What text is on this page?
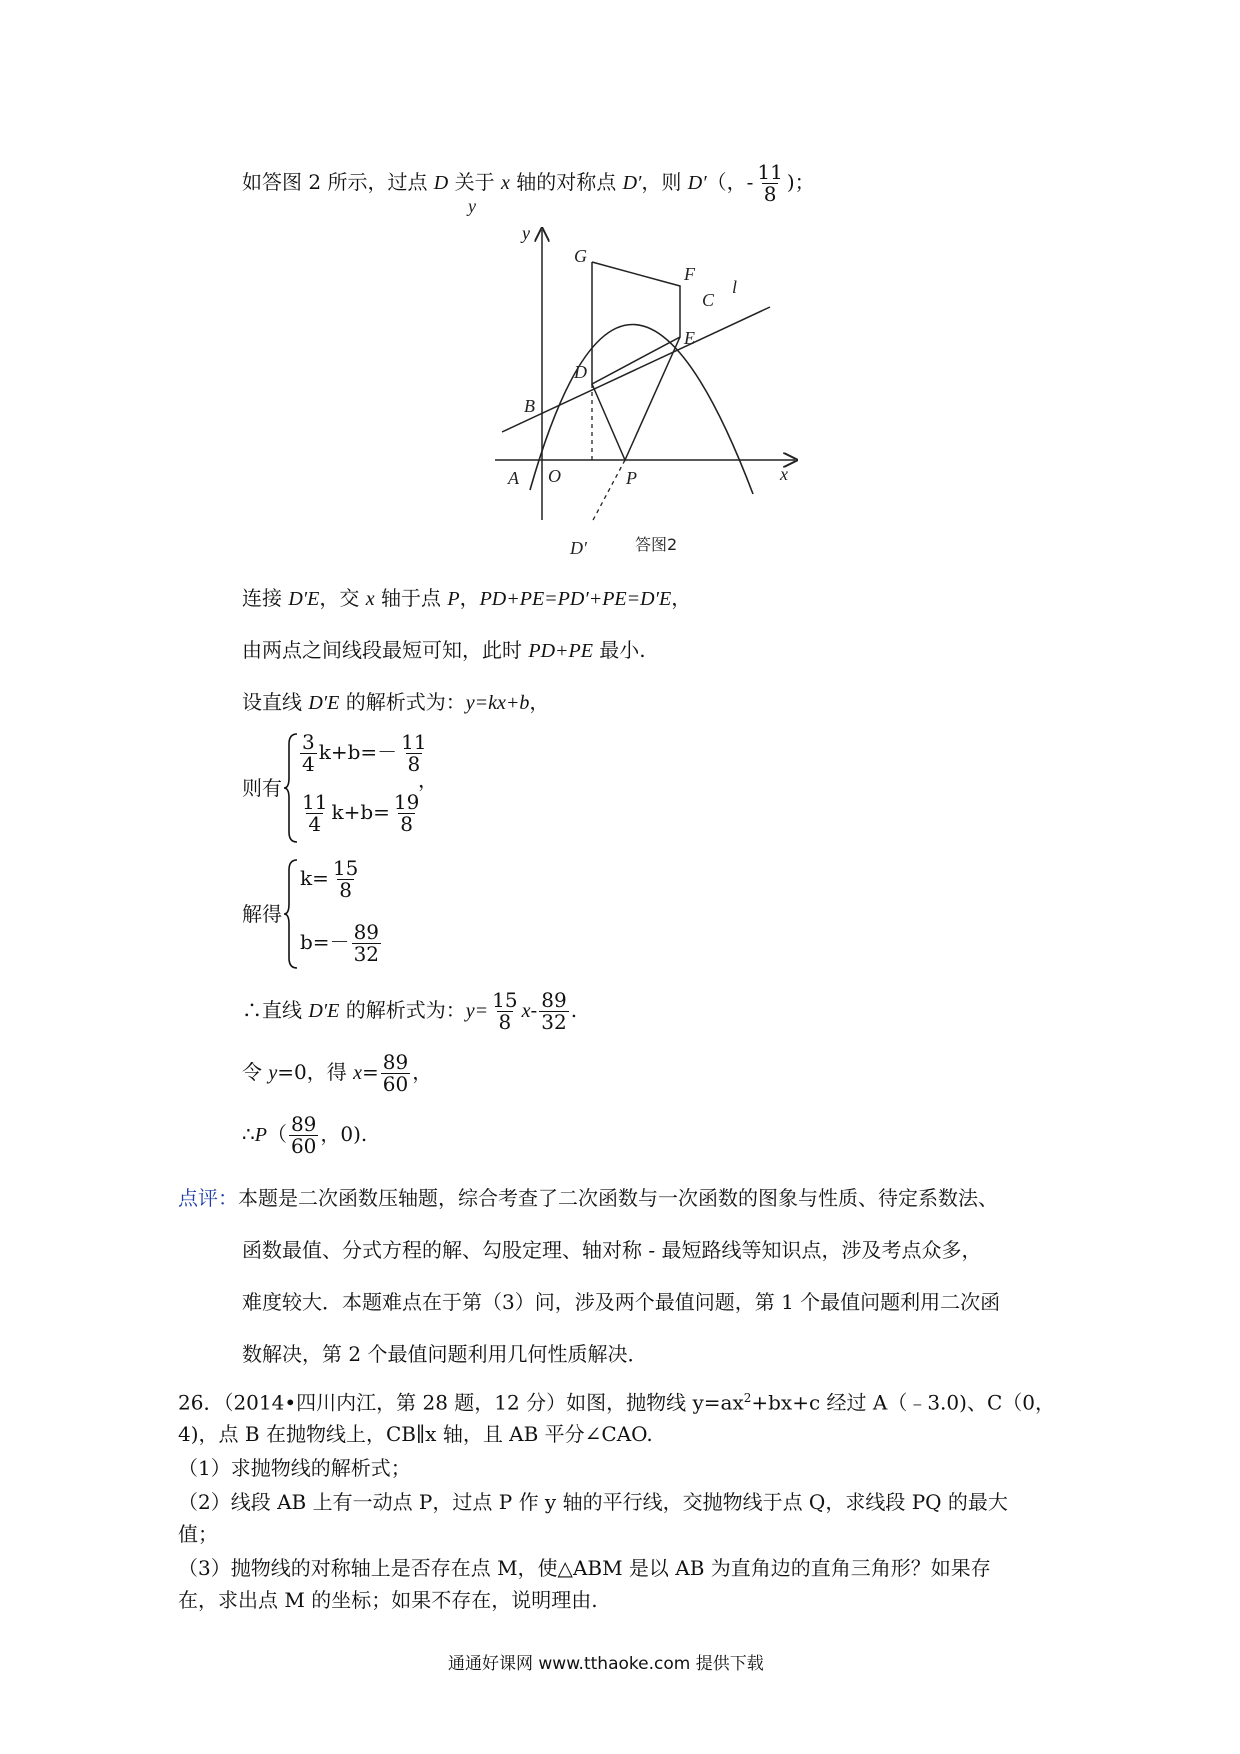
如答图 2 所示，过点 D 关于 x 轴的对称点 D′，则 D′（，- $\frac{11}{8}$ )；
y
x
G
F
C
l
E
D
B
A O	P
D′	答图2
y
连接 D′E，交 x 轴于点 P，PD+PE=PD′+PE=D′E，
由两点之间线段最短可知，此时 PD+PE 最小.
设直线 D′E 的解析式为：y=kx+b，
则有
$\frac{3}{4} k+b=- \frac{11}{8}$
，
$\frac{11}{4} k+b= \frac{19}{8}$
解得
$k= \frac{15}{8}$
$b=- \frac{89}{32}$
∴直线 D′E 的解析式为：$y= \frac{15}{8} x- \frac{89}{32}$ .
令 y=0，得 $x= \frac{89}{60}$ ，
∴P（ $\frac{89}{60}$ ，0).
点评：本题是二次函数压轴题，综合考查了二次函数与一次函数的图象与性质、待定系数法、
函数最值、分式方程的解、勾股定理、轴对称 - 最短路线等知识点，涉及考点众多，
难度较大．本题难点在于第（3）问，涉及两个最值问题，第 1 个最值问题利用二次函
数解决，第 2 个最值问题利用几何性质解决．
26．（2014•四川内江，第 28 题，12 分）如图，抛物线 $y=ax^2+bx+c$ 经过 A（﹣3.0)、C（0，
4)，点 B 在抛物线上，CB∥x 轴，且 AB 平分∠CAO.
（1）求抛物线的解析式；
（2）线段 AB 上有一动点 P，过点 P 作 y 轴的平行线，交抛物线于点 Q，求线段 PQ 的最大
值；
（3）抛物线的对称轴上是否存在点 M，使△ABM 是以 AB 为直角边的直角三角形？如果存
在，求出点 M 的坐标；如果不存在，说明理由.
通通好课网 www.tthaoke.com 提供下载
